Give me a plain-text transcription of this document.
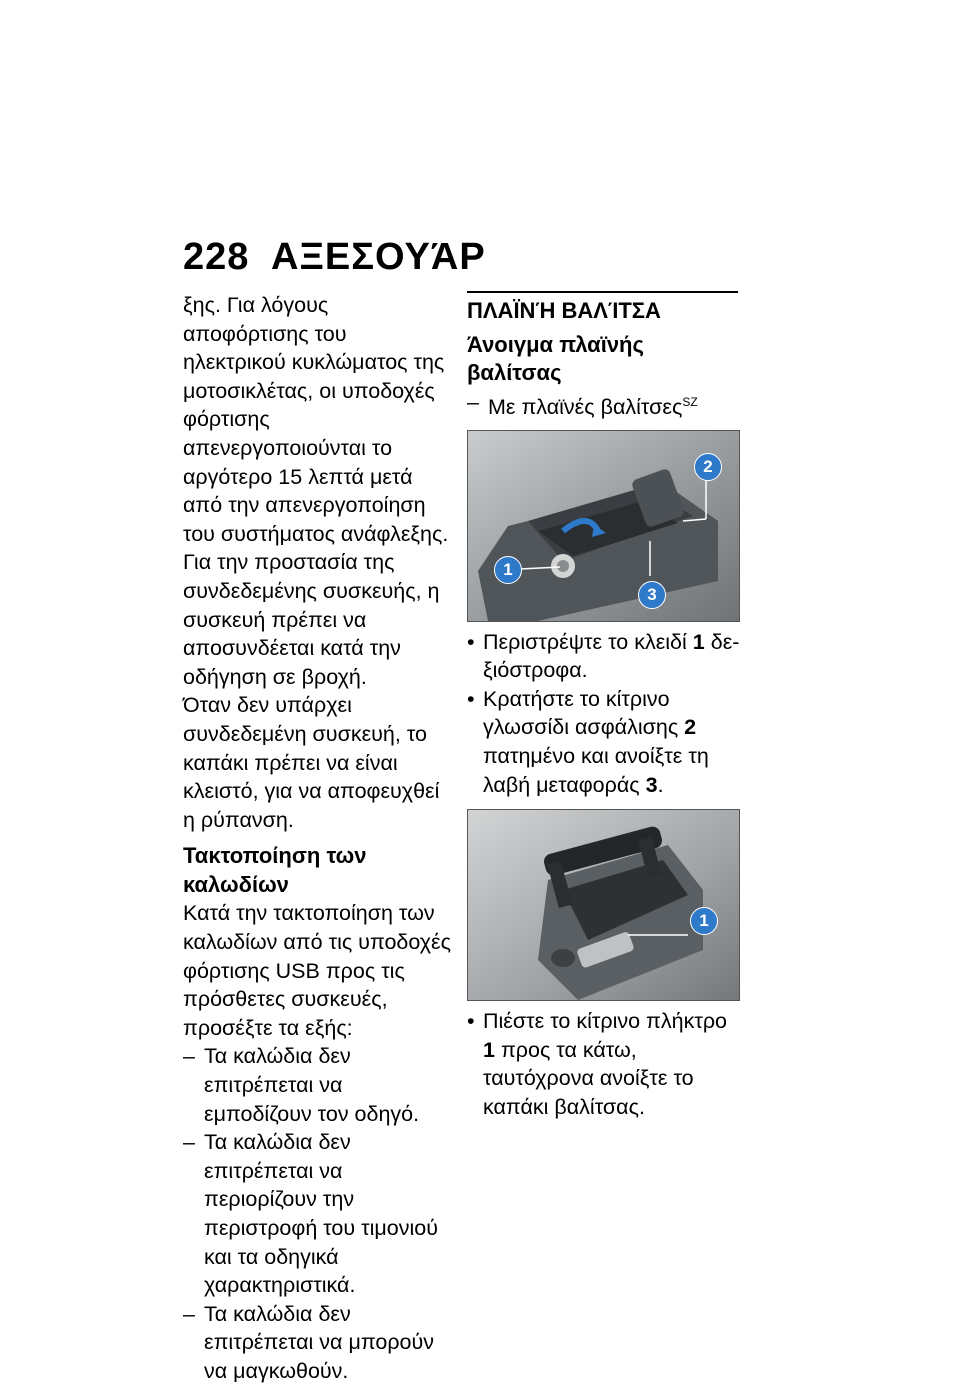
228 ΑΞΕΣΟΥΆΡ

ξης. Για λόγους αποφόρτισης του ηλεκτρικού κυκλώματος της μοτοσικλέτας, οι υποδοχές φόρτισης απενεργοποιούνται το αργότερο 15 λεπτά μετά από την απενεργοποίηση του συστήματος ανάφλεξης.

Για την προστασία της συνδεδεμένης συσκευής, η συσκευή πρέπει να αποσυνδέεται κατά την οδήγηση σε βροχή.

Όταν δεν υπάρχει συνδεδεμένη συσκευή, το καπάκι πρέπει να είναι κλειστό, για να αποφευχθεί η ρύπανση.

Τακτοποίηση των καλωδίων

Κατά την τακτοποίηση των καλωδίων από τις υποδοχές φόρτισης USB προς τις πρόσθετες συσκευές, προσέξτε τα εξής:

– Τα καλώδια δεν επιτρέπεται να εμποδίζουν τον οδηγό.

– Τα καλώδια δεν επιτρέπεται να περιορίζουν την περιστροφή του τιμονιού και τα οδηγικά χαρακτηριστικά.

– Τα καλώδια δεν επιτρέπεται να μπορούν να μαγκωθούν.

ΠΛΑΪΝΉ ΒΑΛΊΤΣΑ

Άνοιγμα πλαϊνής βαλίτσας

– Με πλαϊνές βαλίτσες$^{SZ}$

1
2
3

• Περιστρέψτε το κλειδί 1 δεξιόστροφα.

• Κρατήστε το κίτρινο γλωσσίδι ασφάλισης 2 πατημένο και ανοίξτε τη λαβή μεταφοράς 3.

1

• Πιέστε το κίτρινο πλήκτρο 1 προς τα κάτω, ταυτόχρονα ανοίξτε το καπάκι βαλίτσας.
